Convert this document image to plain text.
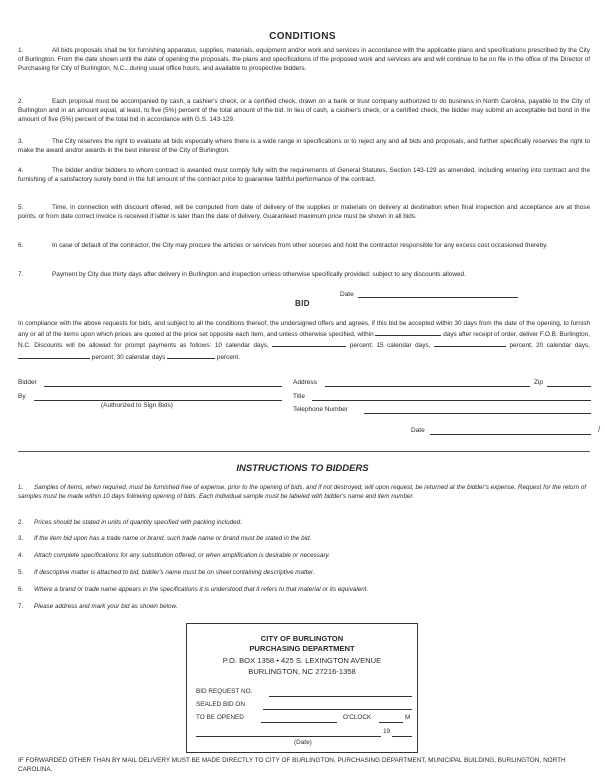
CONDITIONS

1.	All bids proposals shall be for furnishing apparatus, supplies, materials, equipment and/or work and services in accordance with the applicable plans and specifications prescribed by the City of Burlington. From the date shown until the date of opening the proposals, the plans and specifications of the proposed work and services are and will continue to be on file in the office of the Director of Purchasing for City of Burlington, N.C., during usual office hours, and available to prospective bidders.

2.	Each proposal must be accompanied by cash, a cashier's check, or a certified check, drawn on a bank or trust company authorized to do business in North Carolina, payable to the City of Burlington and in an amount equal, at least, to five (5%) percent of the total amount of the bid. In lieu of cash, a cashier's check, or a certified check, the bidder may submit an acceptable bid bond in the amount of five (5%) percent of the total bid in accordance with G.S. 143-129.

3.	The City reserves the right to evaluate all bids especially where there is a wide range in specifications or to reject any and all bids and proposals, and further specifically reserves the right to make the award and/or awards in the best interest of the City of Burlington.

4.	The bidder and/or bidders to whom contract is awarded must comply fully with the requirements of General Statutes, Section 143-129 as amended, including entering into contract and the furnishing of a satisfactory surety bond in the full amount of the contract price to guarantee faithful performance of the contract.

5.	Time, in connection with discount offered, will be computed from date of delivery of the supplies or materials on delivery at destination when final inspection and acceptance are at those points, or from date correct invoice is received if latter is later than the date of delivery. Guaranteed maximum price must be shown in all bids.

6.	In case of default of the contractor, the City may procure the articles or services from other sources and hold the contractor responsible for any excess cost occasioned thereby.

7.	Payment by City due thirty days after delivery in Burlington and inspection unless otherwise specifically provided: subject to any discounts allowed.

Date
BID

In compliance with the above requests for bids, and subject to all the conditions thereof, the undersigned offers and agrees, if this bid be accepted within 30 days from the date of the opening, to furnish any or all of the items upon which prices are quoted at the price set opposite each item, and unless otherwise specified, within	days after receipt of order, deliver F.O.B. Burlington, N.C. Discounts will be allowed for prompt payments as follows: 10 calendar days,	percent; 15 calendar days,	percent; 20 calendar days,  percent; 30 calendar days	percent.

Bidder
By
(Authorized to Sign Bids)
Address	Zip
Title
Telephone Number
Date
INSTRUCTIONS TO BIDDERS

1. Samples of items, when required, must be furnished free of expense, prior to the opening of bids, and if not destroyed, will upon request, be returned at the bidder's expense. Request for the return of samples must be made within 10 days following opening of bids. Each individual sample must be labeled with bidder's name and item number.

2. Prices should be stated in units of quantity specified with packing included.

3. If the item bid upon has a trade name or brand, such trade name or brand must be stated in the bid.

4. Attach complete specifications for any substitution offered, or when amplification is desirable or necessary.

5. If descriptive matter is attached to bid, bidder's name must be on sheet containing descriptive matter.

6. Where a brand or trade name appears in the specifications it is understood that it refers to that material or its equivalent.

7. Please address and mark your bid as shown below.

CITY OF BURLINGTON
PURCHASING DEPARTMENT
P.O. BOX 1358 • 425 S. LEXINGTON AVENUE
BURLINGTON, NC 27216-1358
BID REQUEST NO.
SEALED BID ON
TO BE OPENED	O'CLOCK	M
19
(Date)
IF FORWARDED OTHER THAN BY MAIL DELIVERY MUST BE MADE DIRECTLY TO CITY OF BURLINGTON, PURCHASING DEPARTMENT, MUNICIPAL BUILDING, BURLINGTON, NORTH CAROLINA.
/
